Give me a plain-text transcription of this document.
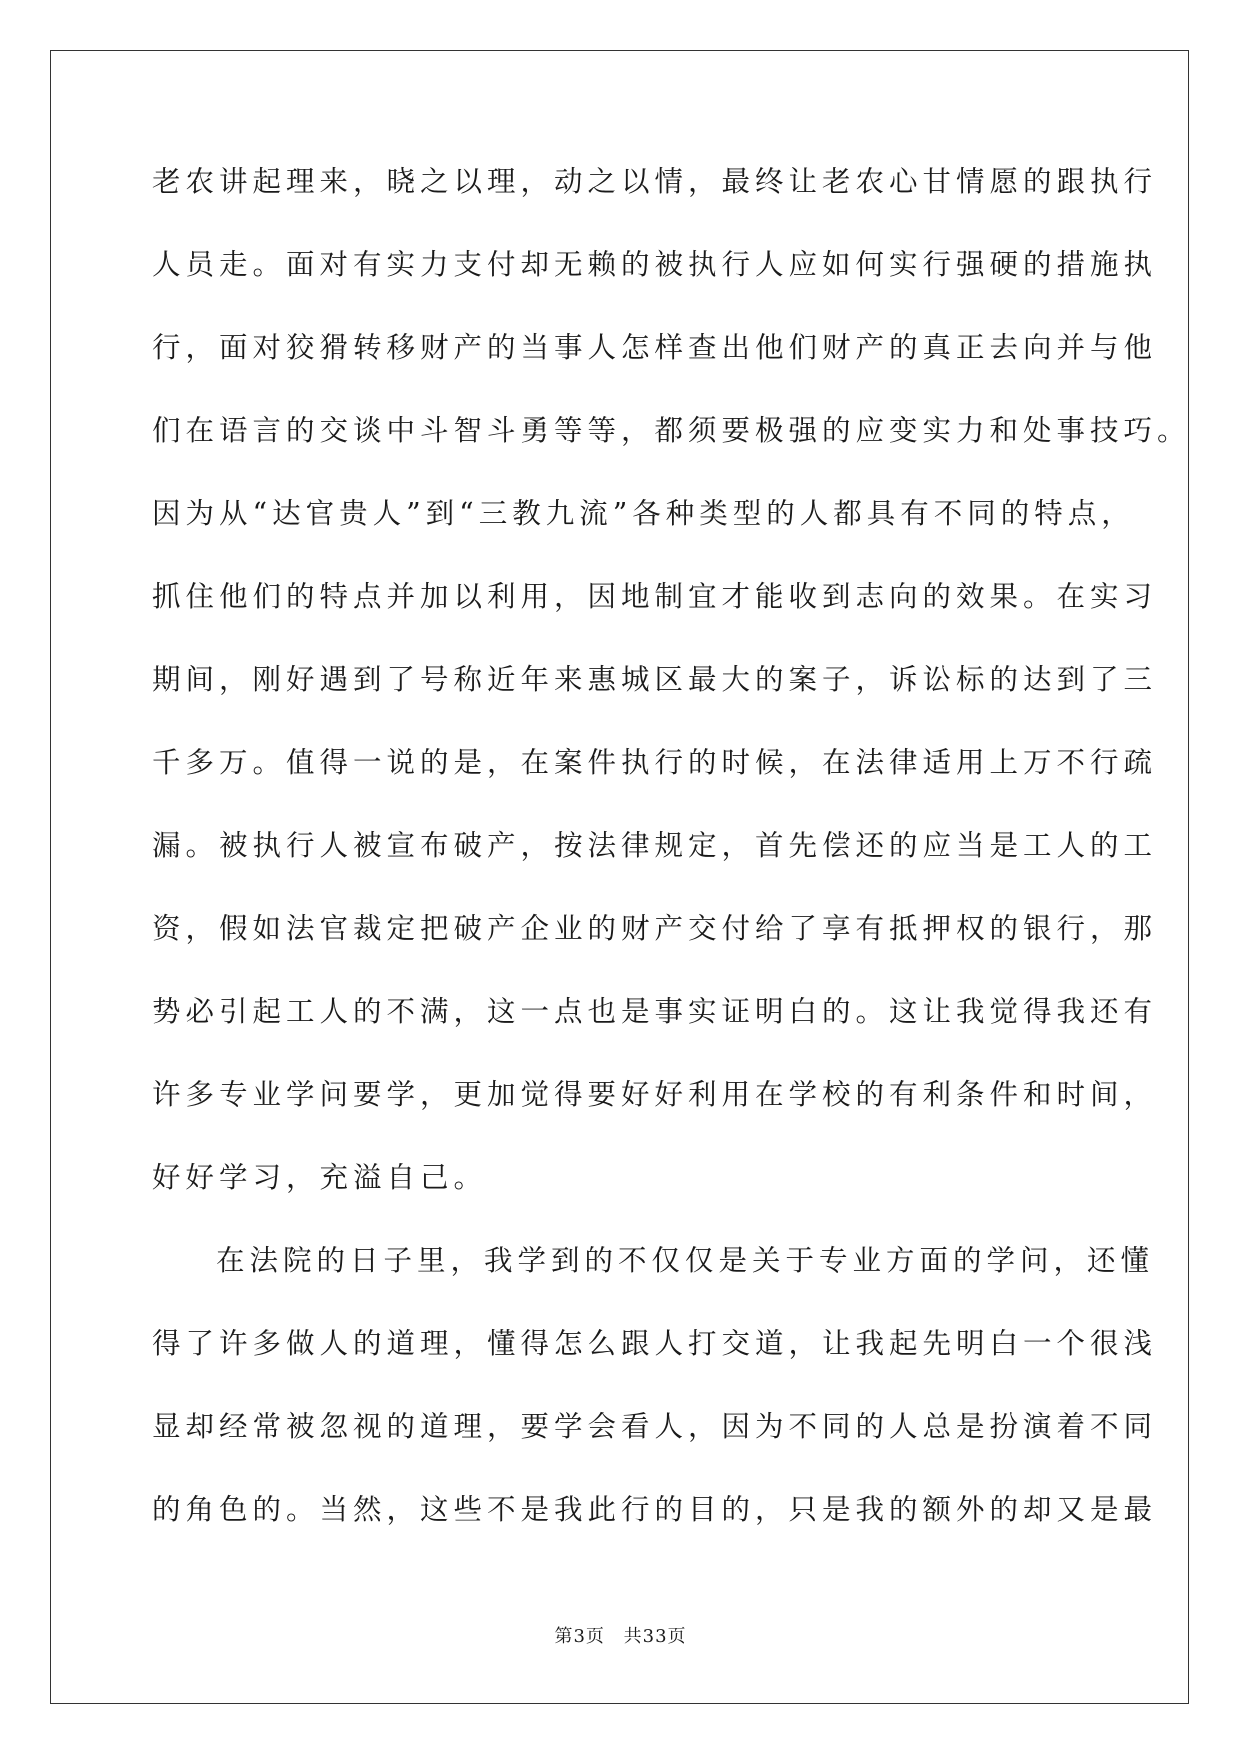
老农讲起理来，晓之以理，动之以情，最终让老农心甘情愿的跟执行
人员走。面对有实力支付却无赖的被执行人应如何实行强硬的措施执
行，面对狡猾转移财产的当事人怎样查出他们财产的真正去向并与他
们在语言的交谈中斗智斗勇等等，都须要极强的应变实力和处事技巧。
因为从“达官贵人”到“三教九流”各种类型的人都具有不同的特点，
抓住他们的特点并加以利用，因地制宜才能收到志向的效果。在实习
期间，刚好遇到了号称近年来惠城区最大的案子，诉讼标的达到了三
千多万。值得一说的是，在案件执行的时候，在法律适用上万不行疏
漏。被执行人被宣布破产，按法律规定，首先偿还的应当是工人的工
资，假如法官裁定把破产企业的财产交付给了享有抵押权的银行，那
势必引起工人的不满，这一点也是事实证明白的。这让我觉得我还有
许多专业学问要学，更加觉得要好好利用在学校的有利条件和时间，
好好学习，充溢自己。
在法院的日子里，我学到的不仅仅是关于专业方面的学问，还懂
得了许多做人的道理，懂得怎么跟人打交道，让我起先明白一个很浅
显却经常被忽视的道理，要学会看人，因为不同的人总是扮演着不同
的角色的。当然，这些不是我此行的目的，只是我的额外的却又是最
第3页 共33页
